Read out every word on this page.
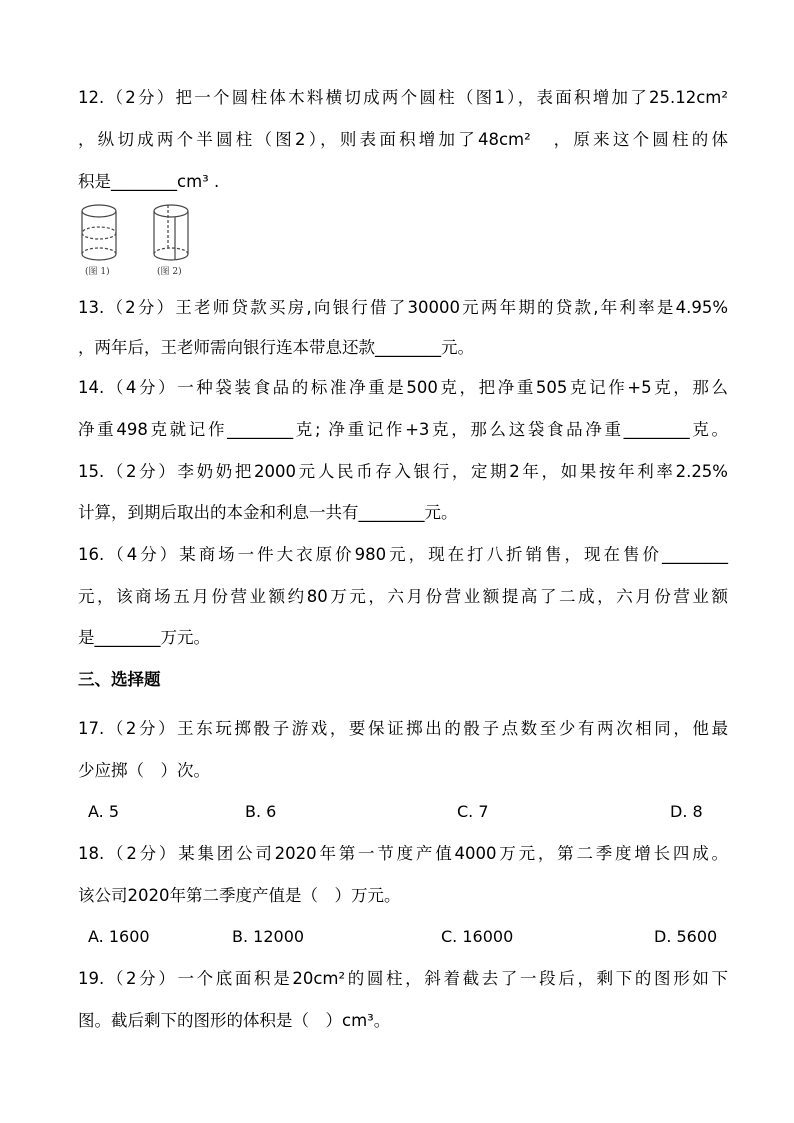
12.（2分）把一个圆柱体木料横切成两个圆柱（图1），表面积增加了25.12cm²
，纵切成两个半圆柱（图2），则表面积增加了48cm²　，原来这个圆柱的体
积是________cm³ .
(图 1)	(图 2)
13.（2分）王老师贷款买房,向银行借了30000元两年期的贷款,年利率是4.95%
，两年后，王老师需向银行连本带息还款________元。
14.（4分）一种袋装食品的标准净重是500克，把净重505克记作+5克，那么
净重498克就记作________克; 净重记作+3克，那么这袋食品净重________克。
15.（2分）李奶奶把2000元人民币存入银行，定期2年，如果按年利率2.25%
计算，到期后取出的本金和利息一共有________元。
16.（4分）某商场一件大衣原价980元，现在打八折销售，现在售价________
元，该商场五月份营业额约80万元，六月份营业额提高了二成，六月份营业额
是________万元。
三、选择题
17.（2分）王东玩掷骰子游戏，要保证掷出的骰子点数至少有两次相同，他最
少应掷（　）次。
A. 5	B. 6	C. 7	D. 8
18.（2分）某集团公司2020年第一节度产值4000万元，第二季度增长四成。
该公司2020年第二季度产值是（　）万元。
A. 1600	B. 12000	C. 16000	D. 5600
19.（2分）一个底面积是20cm²的圆柱，斜着截去了一段后，剩下的图形如下
图。截后剩下的图形的体积是（　）cm³。
